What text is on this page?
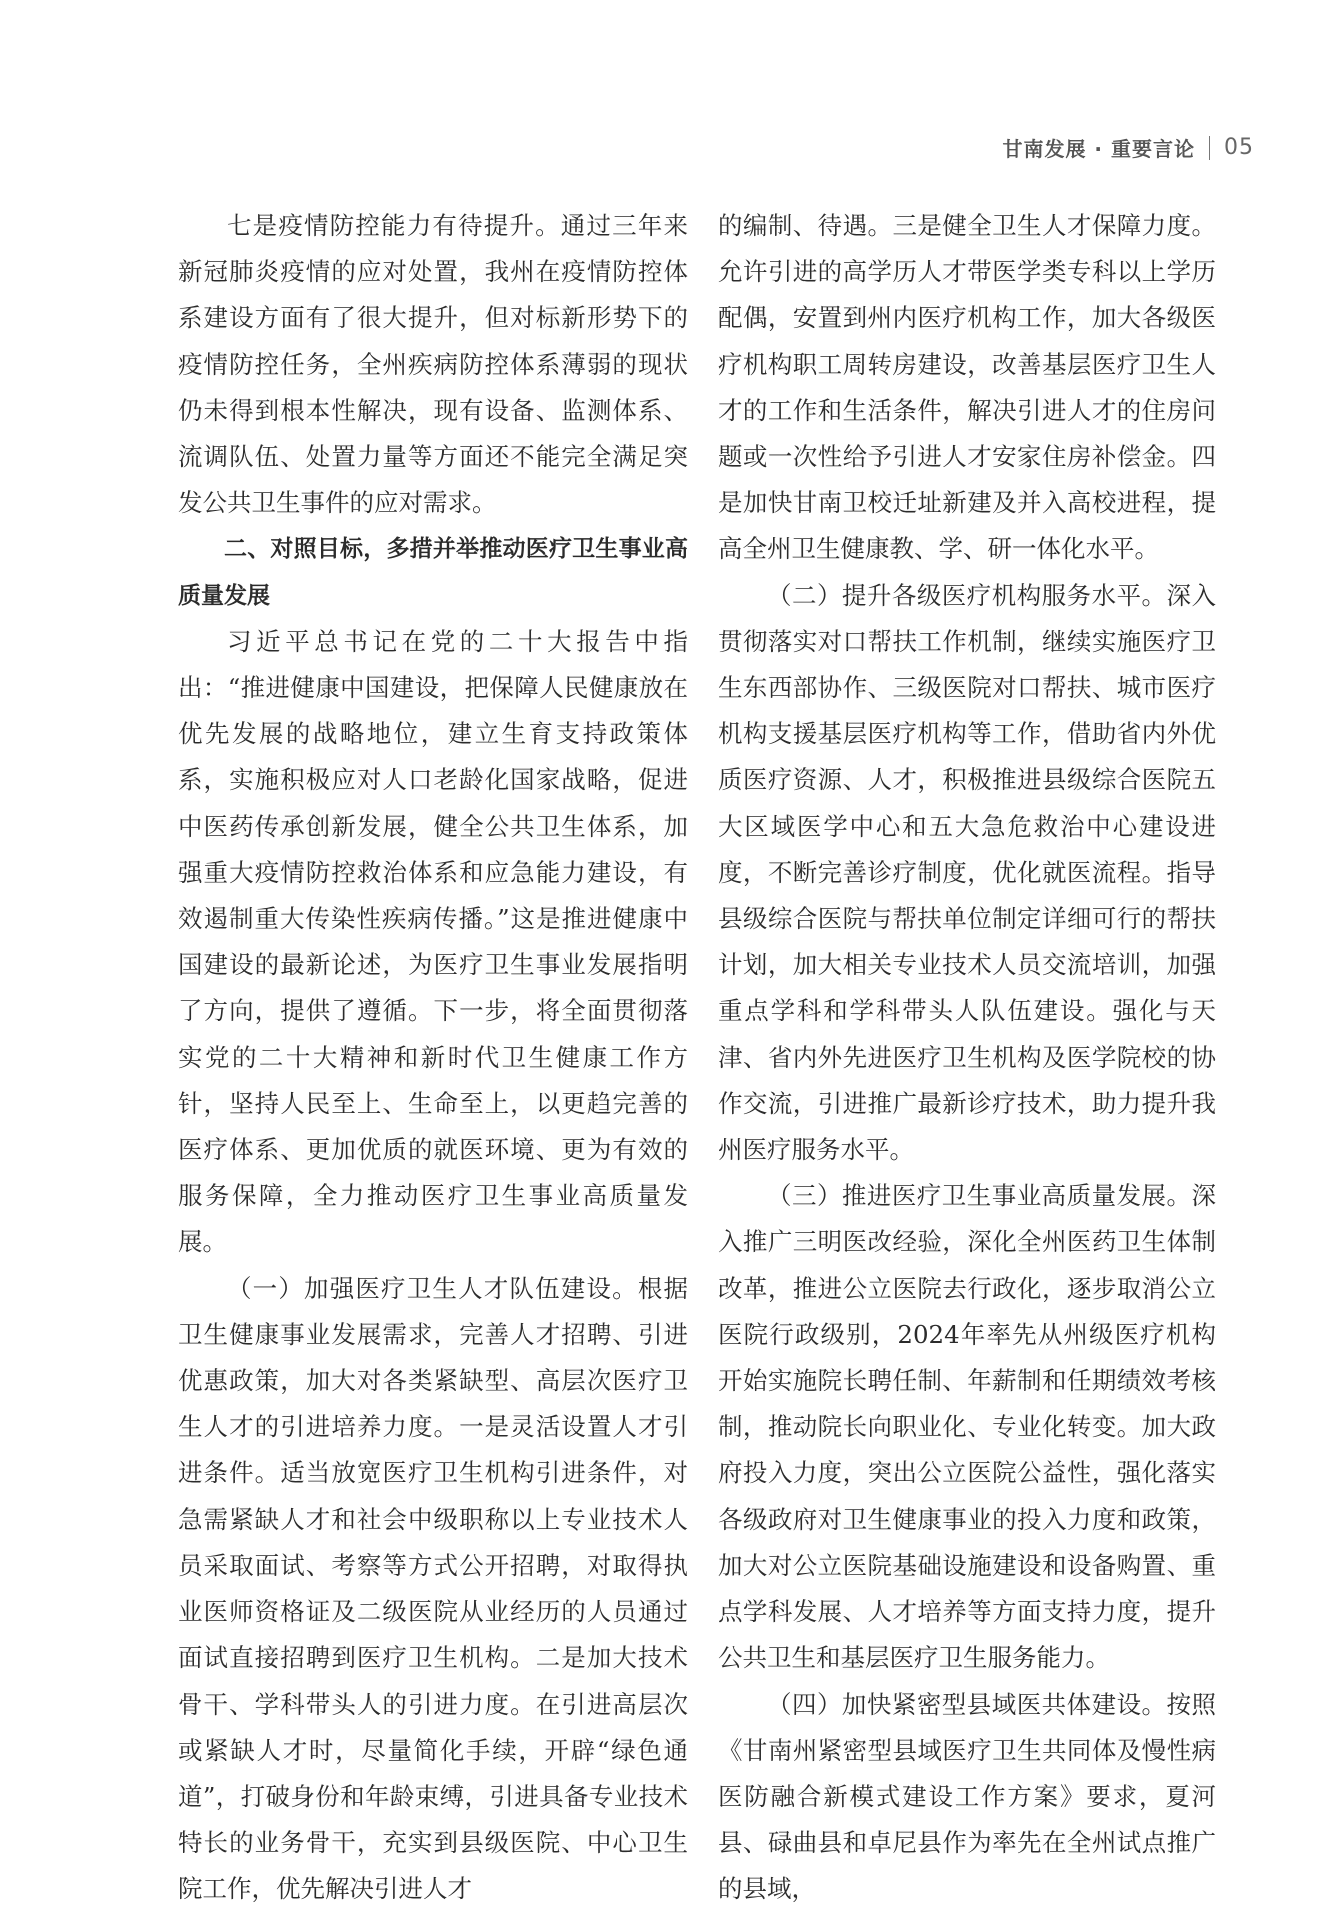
甘南发展 · 重要言论 05

七是疫情防控能力有待提升。通过三年来新冠肺炎疫情的应对处置，我州在疫情防控体系建设方面有了很大提升，但对标新形势下的疫情防控任务，全州疾病防控体系薄弱的现状仍未得到根本性解决，现有设备、监测体系、流调队伍、处置力量等方面还不能完全满足突发公共卫生事件的应对需求。

二、对照目标，多措并举推动医疗卫生事业高质量发展

习近平总书记在党的二十大报告中指出：“推进健康中国建设，把保障人民健康放在优先发展的战略地位，建立生育支持政策体系，实施积极应对人口老龄化国家战略，促进中医药传承创新发展，健全公共卫生体系，加强重大疫情防控救治体系和应急能力建设，有效遏制重大传染性疾病传播。”这是推进健康中国建设的最新论述，为医疗卫生事业发展指明了方向，提供了遵循。下一步，将全面贯彻落实党的二十大精神和新时代卫生健康工作方针，坚持人民至上、生命至上，以更趋完善的医疗体系、更加优质的就医环境、更为有效的服务保障，全力推动医疗卫生事业高质量发展。

（一）加强医疗卫生人才队伍建设。根据卫生健康事业发展需求，完善人才招聘、引进优惠政策，加大对各类紧缺型、高层次医疗卫生人才的引进培养力度。一是灵活设置人才引进条件。适当放宽医疗卫生机构引进条件，对急需紧缺人才和社会中级职称以上专业技术人员采取面试、考察等方式公开招聘，对取得执业医师资格证及二级医院从业经历的人员通过面试直接招聘到医疗卫生机构。二是加大技术骨干、学科带头人的引进力度。在引进高层次或紧缺人才时，尽量简化手续，开辟“绿色通道”，打破身份和年龄束缚，引进具备专业技术特长的业务骨干，充实到县级医院、中心卫生院工作，优先解决引进人才

的编制、待遇。三是健全卫生人才保障力度。允许引进的高学历人才带医学类专科以上学历配偶，安置到州内医疗机构工作，加大各级医疗机构职工周转房建设，改善基层医疗卫生人才的工作和生活条件，解决引进人才的住房问题或一次性给予引进人才安家住房补偿金。四是加快甘南卫校迁址新建及并入高校进程，提高全州卫生健康教、学、研一体化水平。

（二）提升各级医疗机构服务水平。深入贯彻落实对口帮扶工作机制，继续实施医疗卫生东西部协作、三级医院对口帮扶、城市医疗机构支援基层医疗机构等工作，借助省内外优质医疗资源、人才，积极推进县级综合医院五大区域医学中心和五大急危救治中心建设进度，不断完善诊疗制度，优化就医流程。指导县级综合医院与帮扶单位制定详细可行的帮扶计划，加大相关专业技术人员交流培训，加强重点学科和学科带头人队伍建设。强化与天津、省内外先进医疗卫生机构及医学院校的协作交流，引进推广最新诊疗技术，助力提升我州医疗服务水平。

（三）推进医疗卫生事业高质量发展。深入推广三明医改经验，深化全州医药卫生体制改革，推进公立医院去行政化，逐步取消公立医院行政级别，2024年率先从州级医疗机构开始实施院长聘任制、年薪制和任期绩效考核制，推动院长向职业化、专业化转变。加大政府投入力度，突出公立医院公益性，强化落实各级政府对卫生健康事业的投入力度和政策，加大对公立医院基础设施建设和设备购置、重点学科发展、人才培养等方面支持力度，提升公共卫生和基层医疗卫生服务能力。

（四）加快紧密型县域医共体建设。按照《甘南州紧密型县域医疗卫生共同体及慢性病医防融合新模式建设工作方案》要求，夏河县、碌曲县和卓尼县作为率先在全州试点推广的县域，
